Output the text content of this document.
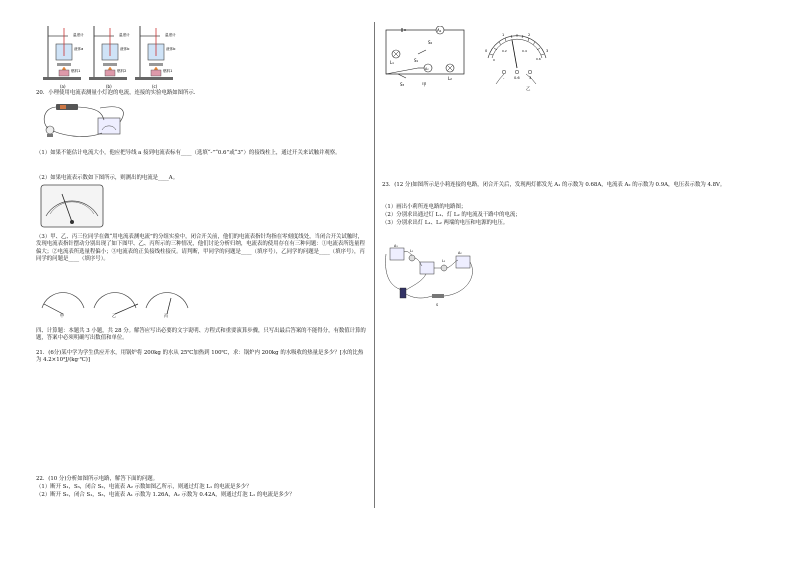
温度计
液体a
燃料1
温度计
液体b
燃料2
温度计
液体b
燃料1
(a)	(b)	(c)
20．小理使用电流表测量小灯泡的电流，连接的实验电路如图所示．
（1）如果不能估计电流大小，他应把导线 a 接到电流表标有____（选填“-”“0.6”或“3”）的接线柱上，通过开关来试触并观察。
（2）如果电流表示数如下图所示，则测出的电流是____A。
（3）甲、乙、丙三位同学在做“用电流表测电流”的分组实验中，闭合开关前，他们的电流表指针均指在零刻度线处，当闭合开关试触时，发现电流表指针摆动分别出现了如下图甲、乙、丙所示的三种情况，他们讨论分析归纳，电流表的使用存在有三种问题：①电流表所选量程偏大；②电流表所选量程偏小；③电流表的正负接线柱接反。请判断，甲同学的问题是____（填序号），乙同学的问题是____（填序号），丙同学的问题是____（填序号）。
甲	乙	丙
四、计算题：本题共 3 小题，共 28 分。解答应写出必要的文字说明、方程式和重要演算步骤，只写出最后答案的不能得分，有数值计算的题，答案中必须明确写出数值和单位。
21．(6分)某中学为学生供应开水，用锅炉将 200kg 的水从 25℃加热到 100℃，求：锅炉内 200kg 的水吸收的热量是多少？[水的比热为 4.2×10³J/(kg·℃)]
22．(10 分)分析如图所示电路，解答下面的问题。
（1）断开 S₁，S₃，闭合 S₂，电流表 A₂ 示数如图乙所示，则通过灯泡 L₁ 的电流是多少？
（2）断开 S₂，闭合 S₁，S₃，电流表 A₁ 示数为 1.26A，A₂ 示数为 0.42A，则通过灯泡 L₁ 的电流是多少？
A₁
S₂
L₁	S₁
A₂
L₂
S₃	甲
0
1	2
3
0.2	0.4
0.6
0
-	0.6	3
乙
23．(12 分)如图所示是小莉连接的电路，闭合开关后，发现两灯都发光 A₁ 的示数为 0.68A，电流表 A₂ 的示数为 0.9A，电压表示数为 4.8V。
（1）画出小莉所连电路的电路图；
（2）分别求出通过灯 L₁、灯 L₂ 的电流及干路中的电流；
（3）分别求出灯 L₁、L₂ 两端的电压和电源的电压。
A₁
L₁	A₂
L₂
S
